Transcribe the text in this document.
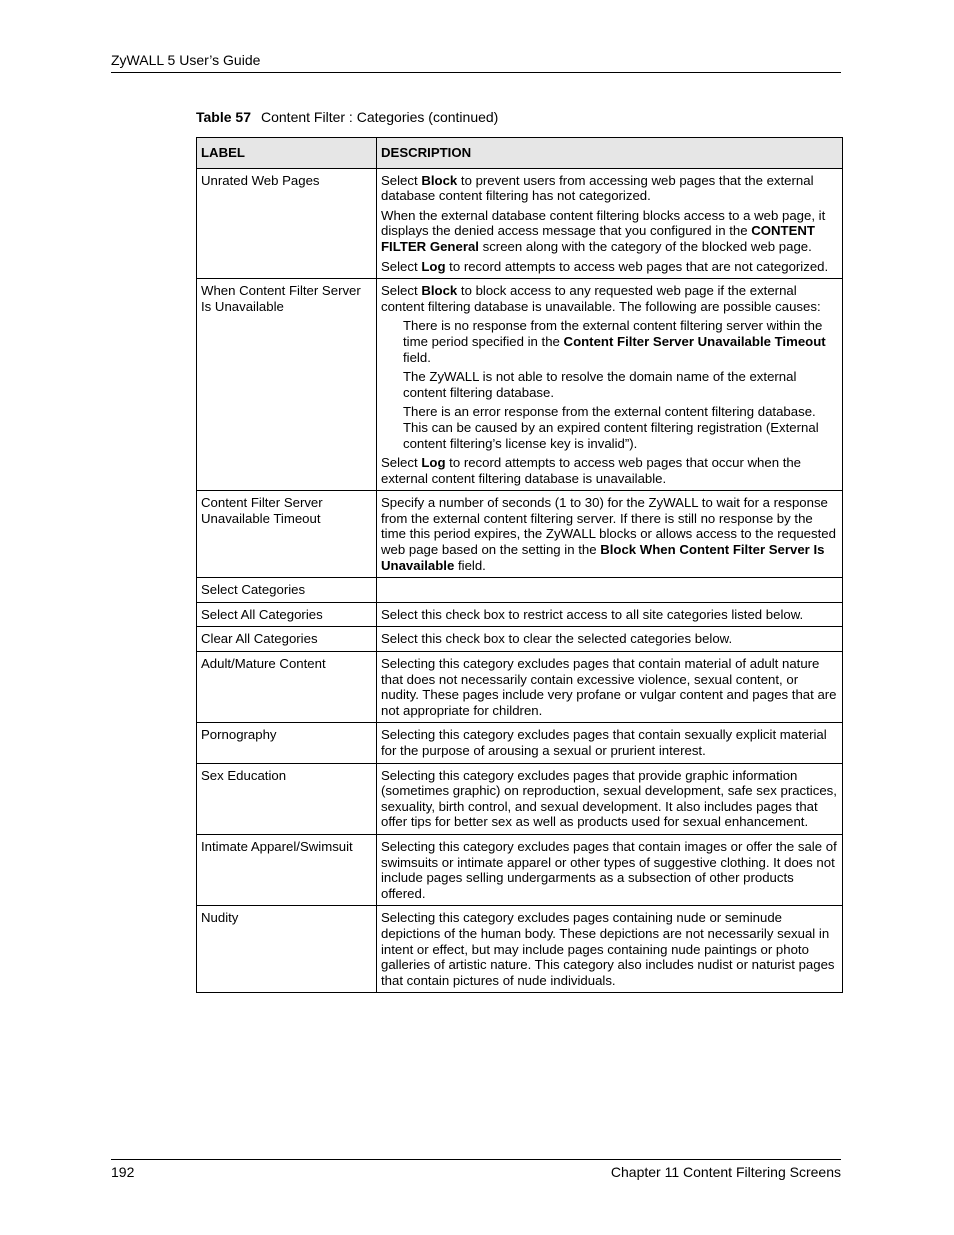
ZyWALL 5 User’s Guide
Table 57 Content Filter : Categories (continued)
LABEL	DESCRIPTION
Unrated Web Pages	Select Block to prevent users from accessing web pages that the external database content filtering has not categorized.

When the external database content filtering blocks access to a web page, it displays the denied access message that you configured in the CONTENT FILTER General screen along with the category of the blocked web page.

Select Log to record attempts to access web pages that are not categorized.

When Content Filter Server Is Unavailable	Select Block to block access to any requested web page if the external content filtering database is unavailable. The following are possible causes:

There is no response from the external content filtering server within the time period specified in the Content Filter Server Unavailable Timeout field.

The ZyWALL is not able to resolve the domain name of the external content filtering database.

There is an error response from the external content filtering database. This can be caused by an expired content filtering registration (External content filtering’s license key is invalid”).

Select Log to record attempts to access web pages that occur when the external content filtering database is unavailable.

Content Filter Server Unavailable Timeout	Specify a number of seconds (1 to 30) for the ZyWALL to wait for a response from the external content filtering server. If there is still no response by the time this period expires, the ZyWALL blocks or allows access to the requested web page based on the setting in the Block When Content Filter Server Is Unavailable field.

Select Categories	
Select All Categories	Select this check box to restrict access to all site categories listed below.

Clear All Categories	Select this check box to clear the selected categories below.

Adult/Mature Content	Selecting this category excludes pages that contain material of adult nature that does not necessarily contain excessive violence, sexual content, or nudity. These pages include very profane or vulgar content and pages that are not appropriate for children.

Pornography	Selecting this category excludes pages that contain sexually explicit material for the purpose of arousing a sexual or prurient interest.

Sex Education	Selecting this category excludes pages that provide graphic information (sometimes graphic) on reproduction, sexual development, safe sex practices, sexuality, birth control, and sexual development. It also includes pages that offer tips for better sex as well as products used for sexual enhancement.

Intimate Apparel/Swimsuit	Selecting this category excludes pages that contain images or offer the sale of swimsuits or intimate apparel or other types of suggestive clothing. It does not include pages selling undergarments as a subsection of other products offered.

Nudity	Selecting this category excludes pages containing nude or seminude depictions of the human body. These depictions are not necessarily sexual in intent or effect, but may include pages containing nude paintings or photo galleries of artistic nature. This category also includes nudist or naturist pages that contain pictures of nude individuals.

192	Chapter 11 Content Filtering Screens
